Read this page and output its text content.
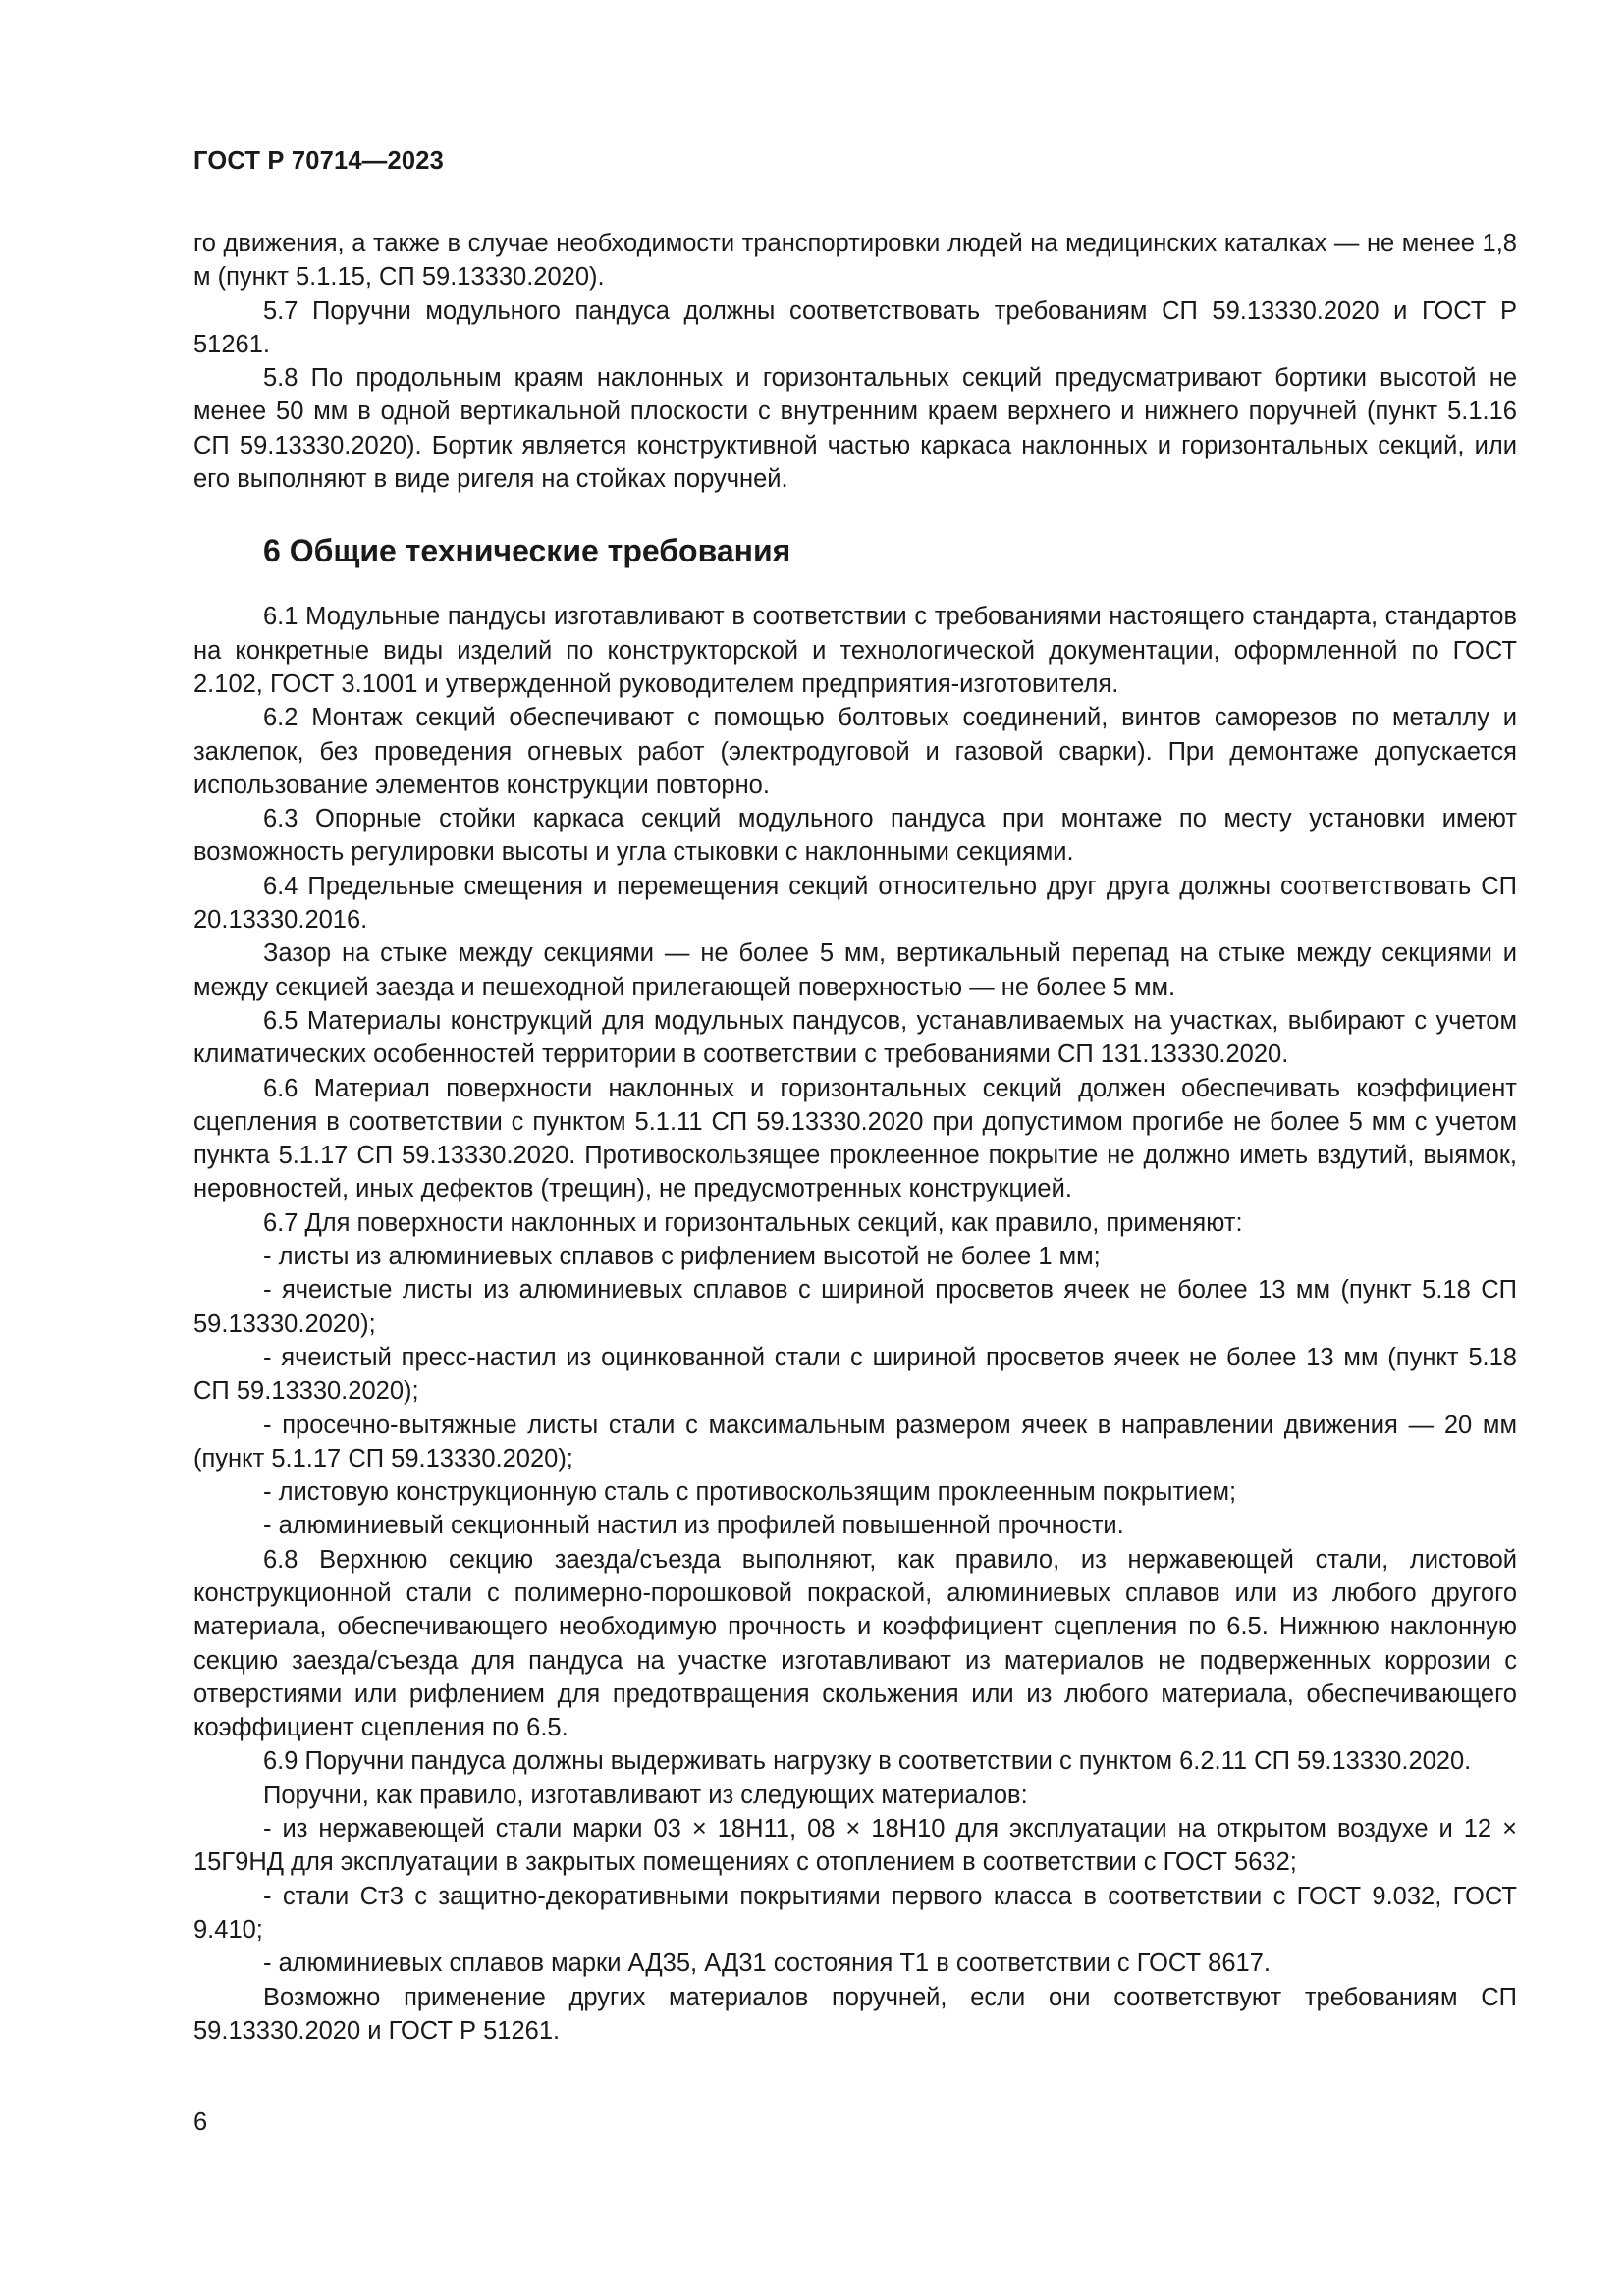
ГОСТ Р 70714—2023

го движения, а также в случае необходимости транспортировки людей на медицинских каталках — не менее 1,8 м (пункт 5.1.15, СП 59.13330.2020).

5.7 Поручни модульного пандуса должны соответствовать требованиям СП 59.13330.2020 и ГОСТ Р 51261.

5.8 По продольным краям наклонных и горизонтальных секций предусматривают бортики высотой не менее 50 мм в одной вертикальной плоскости с внутренним краем верхнего и нижнего поручней (пункт 5.1.16 СП 59.13330.2020). Бортик является конструктивной частью каркаса наклонных и горизонтальных секций, или его выполняют в виде ригеля на стойках поручней.

6 Общие технические требования

6.1 Модульные пандусы изготавливают в соответствии с требованиями настоящего стандарта, стандартов на конкретные виды изделий по конструкторской и технологической документации, оформленной по ГОСТ 2.102, ГОСТ 3.1001 и утвержденной руководителем предприятия-изготовителя.

6.2 Монтаж секций обеспечивают с помощью болтовых соединений, винтов саморезов по металлу и заклепок, без проведения огневых работ (электродуговой и газовой сварки). При демонтаже допускается использование элементов конструкции повторно.

6.3 Опорные стойки каркаса секций модульного пандуса при монтаже по месту установки имеют возможность регулировки высоты и угла стыковки с наклонными секциями.

6.4 Предельные смещения и перемещения секций относительно друг друга должны соответствовать СП 20.13330.2016.

Зазор на стыке между секциями — не более 5 мм, вертикальный перепад на стыке между секциями и между секцией заезда и пешеходной прилегающей поверхностью — не более 5 мм.

6.5 Материалы конструкций для модульных пандусов, устанавливаемых на участках, выбирают с учетом климатических особенностей территории в соответствии с требованиями СП 131.13330.2020.

6.6 Материал поверхности наклонных и горизонтальных секций должен обеспечивать коэффициент сцепления в соответствии с пунктом 5.1.11 СП 59.13330.2020 при допустимом прогибе не более 5 мм с учетом пункта 5.1.17 СП 59.13330.2020. Противоскользящее проклеенное покрытие не должно иметь вздутий, выямок, неровностей, иных дефектов (трещин), не предусмотренных конструкцией.

6.7 Для поверхности наклонных и горизонтальных секций, как правило, применяют:

- листы из алюминиевых сплавов с рифлением высотой не более 1 мм;

- ячеистые листы из алюминиевых сплавов с шириной просветов ячеек не более 13 мм (пункт 5.18 СП 59.13330.2020);

- ячеистый пресс-настил из оцинкованной стали с шириной просветов ячеек не более 13 мм (пункт 5.18 СП 59.13330.2020);

- просечно-вытяжные листы стали с максимальным размером ячеек в направлении движения — 20 мм (пункт 5.1.17 СП 59.13330.2020);

- листовую конструкционную сталь с противоскользящим проклеенным покрытием;

- алюминиевый секционный настил из профилей повышенной прочности.

6.8 Верхнюю секцию заезда/съезда выполняют, как правило, из нержавеющей стали, листовой конструкционной стали с полимерно-порошковой покраской, алюминиевых сплавов или из любого другого материала, обеспечивающего необходимую прочность и коэффициент сцепления по 6.5. Нижнюю наклонную секцию заезда/съезда для пандуса на участке изготавливают из материалов не подверженных коррозии с отверстиями или рифлением для предотвращения скольжения или из любого материала, обеспечивающего коэффициент сцепления по 6.5.

6.9 Поручни пандуса должны выдерживать нагрузку в соответствии с пунктом 6.2.11 СП 59.13330.2020.

Поручни, как правило, изготавливают из следующих материалов:

- из нержавеющей стали марки 03 × 18Н11, 08 × 18Н10 для эксплуатации на открытом воздухе и 12 × 15Г9НД для эксплуатации в закрытых помещениях с отоплением в соответствии с ГОСТ 5632;

- стали Ст3 с защитно-декоративными покрытиями первого класса в соответствии с ГОСТ 9.032, ГОСТ 9.410;

- алюминиевых сплавов марки АД35, АД31 состояния Т1 в соответствии с ГОСТ 8617.

Возможно применение других материалов поручней, если они соответствуют требованиям СП 59.13330.2020 и ГОСТ Р 51261.

6
